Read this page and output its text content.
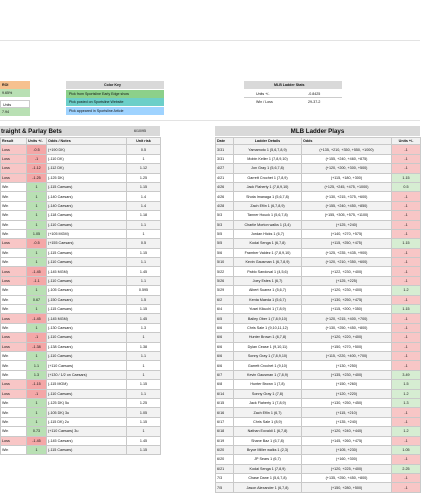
ROI
9.65%
Units
7.94
Color Key
Pick from Sportsline Early Edge show
Pick posted on Sportsline Website
Pick appeared in Sportsline Article
MLB Ladder Stats
Units +/-	-0.8425
Win / Loss	29-37-2
traight & Parlay Bets	6/10/95
Result	Units +/-	Odds / Notes	Unit risk
Loss	-0.5	(+190 DK)	0.5
Loss	-1	(-110 DK)	1
Loss	-1.12	(-112 DK)	1.12
Loss	-1.25	(-125 DK)	1.25
Win	1	(-115 Caesars)	1.15
Win	1	(-140 Caesars)	1.4
Win	1	(-140 Caesars)	1.4
Win	1	(-118 Caesars)	1.18
Win	1	(-110 Caesars)	1.1
Win	1.05	(+105 MGM)	1
Loss	-0.5	(+155 Caesars)	0.5
Win	1	(-115 Caesars)	1.15
Win	1	(-110 Caesars)	1.1
Loss	-1.45	(-145 MGM)	1.45
Loss	-1.1	(-110 Caesars)	1.1
Win	1	(-105 Caesars)	0.595
Win	0.67	(-150 Caesars)	1.5
Win	1	(-115 Caesars)	1.15
Loss	-1.45	(-145 MGM)	1.45
Win	1	(-130 Caesars)	1.3
Loss	-1	(-110 Caesars)	1
Loss	-1.38	(-138 Caesars)	1.38
Win	1	(-110 Caesars)	1.1
Win	1.1	(+110 Caesars)	1
Win	1.3	(+130 / 1/2 on Caesars)	1
Loss	-1.15	(-115 MGM)	1.15
Loss	-1	(-110 Caesars)	1.1
Win	1	(-125 DK) 5u	1.25
Win	1	(-105 DK) 3u	1.05
Win	1	(-115 DK) 2u	1.15
Win	0.73	(+110 Caesars) 3u	1
Loss	-1.45	(-145 Caesars)	1.45
Win	1	(-115 Caesars)	1.15
MLB Ladder Plays
Date	Ladder Details	Odds	Units +/-
3/31	Yamamoto 1 (5,6,7,8,9)	(+135, +210, +350, +550, +1000)	-1
3/31	Mobin Keller 1 (7,8,9,10)	(+155, +240, +460, +875)	-1
4/27	Jon Gray 1 (5,6,7,8)	(+120, +200, +300, +500)	-1
4/21	Garrett Crochet 1 (7,8,9)	(+115, +180, +300)	1.15
4/26	Jack Flaherty 1 (7,8,9,10)	(+125, +245, +475, +1000)	0.5
4/26	Shota Imanaga 1 (5,6,7,8)	(+130, +215, +375, +600)	-1
4/28	Zach Eflin 1 (6,7,8,9)	(+155, +240, +450, +850)	-1
5/3	Tanner Houck 1 (5,6,7,8)	(+155, +305, +575, +1100)	-1
5/3	Charlie Morton walks 1 (3,4)	(+125, +240)	-1
5/5	Jordan Hicks 1 (6,7)	(+140, +270, +575)	-1
5/5	Kodai Senga 1 (6,7,8)	(+115, +250, +475)	1.15
5/6	Framber Valdez 1 (7,8,9,10)	(+125, +235, +435, +900)	-1
5/10	Kevin Gausman 1 (6,7,8,9)	(+120, +210, +350, +600)	-1
5/22	Pablo Sandoval 1 (4,5,6)	(+122, +230, +400)	-1
5/26	Joey Estes 1 (6,7)	(+125, +225)	-1
5/29	Albert Suarez 1 (5,6,7)	(+120, +230, +400)	1.2
6/2	Kenta Maeda 1 (5,6,7)	(+130, +250, +475)	-1
6/4	Yusei Kikuchi 1 (7,8,9)	(+115, +200, +350)	1.15
6/5	Bailey Ober 1 (7,8,9,10)	(+120, +215, +400, +700)	-1
6/6	Chris Sale 1 (9,10,11,12)	(+130, +250, +450, +800)	-1
6/6	Hunter Brown 1 (6,7,8)	(+120, +220, +400)	-1
6/6	Dylan Cease 1 (9,10,11)	(+150, +270, +500)	-1
6/6	Sonny Gray 1 (7,8,9,10)	(+115, +220, +400, +700)	-1
6/6	Garrett Crochet 1 (9,10)	(+130, +250)	-1
6/7	Kevin Gausman 1 (7,8,9)	(+135, +230, +400)	3.49
6/8	Hunter Brown 1 (7,8)	(+150, +260)	1.5
6/14	Sonny Gray 1 (7,8)	(+120, +220)	1.2
6/15	Jack Flaherty 1 (7,8,9)	(+130, +250, +450)	1.3
6/16	Zach Eflin 1 (6,7)	(+115, +210)	-1
6/17	Chris Sale 1 (8,9)	(+135, +240)	-1
6/18	Nathan Eovaldi 1 (6,7,8)	(+120, +240, +440)	1.2
6/19	Shane Baz 1 (6,7,8)	(+145, +260, +475)	-1
6/20	Bryce Miller walks 1 (2,3)	(+105, +230)	1.05
6/20	JP Sears 1 (6,7)	(+160, +300)	-1
6/21	Kodai Senga 1 (7,8,9)	(+120, +225, +400)	2.25
7/3	Chase Dane 1 (5,6,7,8)	(+135, +250, +450, +800)	-1
7/5	Jason Alexander 1 (6,7,8)	(+150, +280, +500)	-1
